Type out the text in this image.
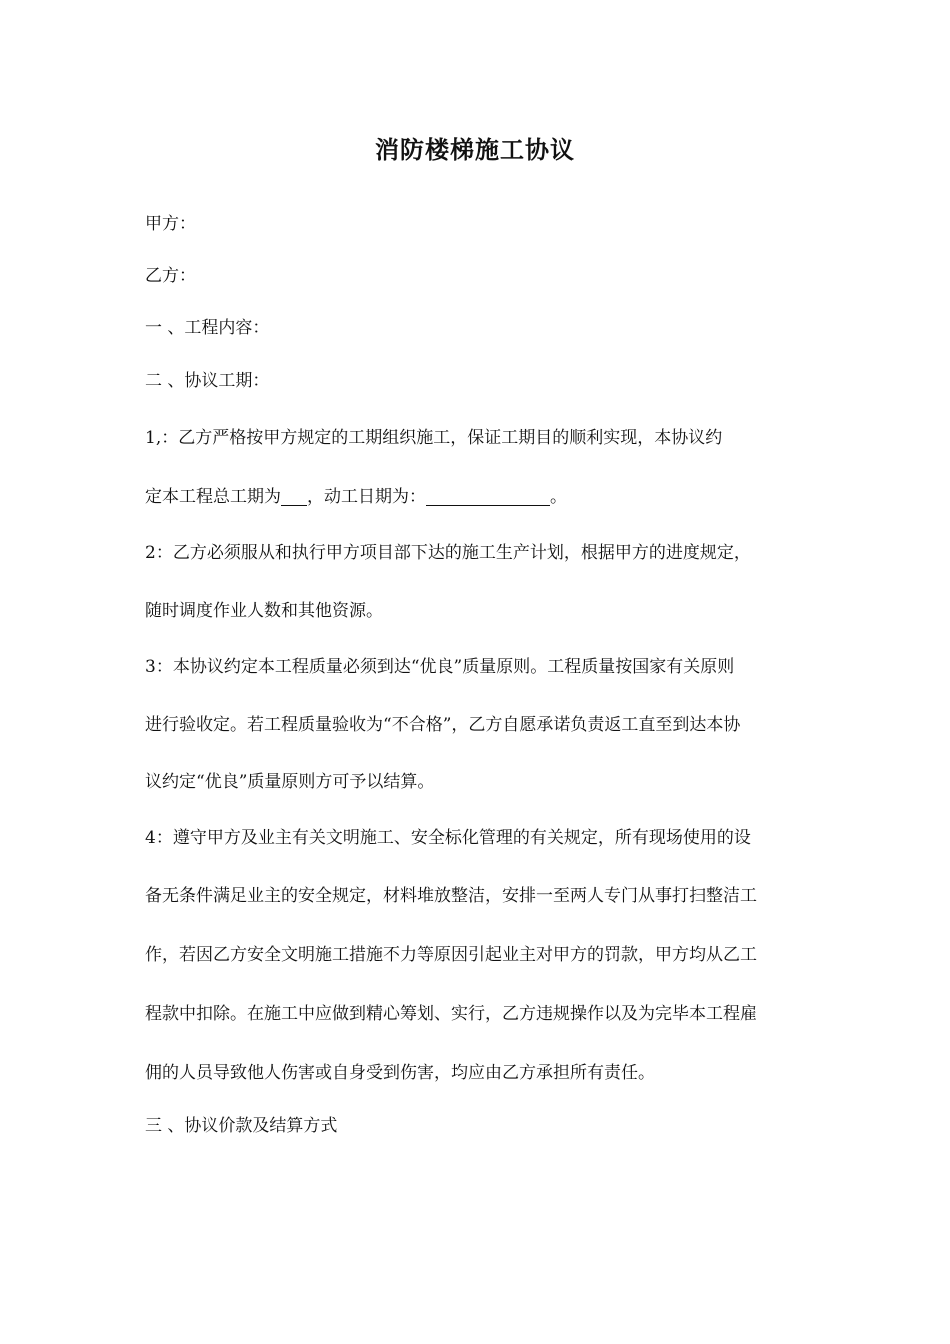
消防楼梯施工协议
甲方：
乙方：
一 、工程内容：
二 、协议工期：
1,：乙方严格按甲方规定的工期组织施工，保证工期目的顺利实现，本协议约
定本工程总工期为 ，动工日期为：	。
2：乙方必须服从和执行甲方项目部下达的施工生产计划，根据甲方的进度规定，
随时调度作业人数和其他资源。
3：本协议约定本工程质量必须到达“优良”质量原则。工程质量按国家有关原则
进行验收定。若工程质量验收为“不合格”，乙方自愿承诺负责返工直至到达本协
议约定“优良”质量原则方可予以结算。
4：遵守甲方及业主有关文明施工、安全标化管理的有关规定，所有现场使用的设
备无条件满足业主的安全规定，材料堆放整洁，安排一至两人专门从事打扫整洁工
作，若因乙方安全文明施工措施不力等原因引起业主对甲方的罚款，甲方均从乙工
程款中扣除。在施工中应做到精心筹划、实行，乙方违规操作以及为完毕本工程雇
佣的人员导致他人伤害或自身受到伤害，均应由乙方承担所有责任。
三 、协议价款及结算方式
